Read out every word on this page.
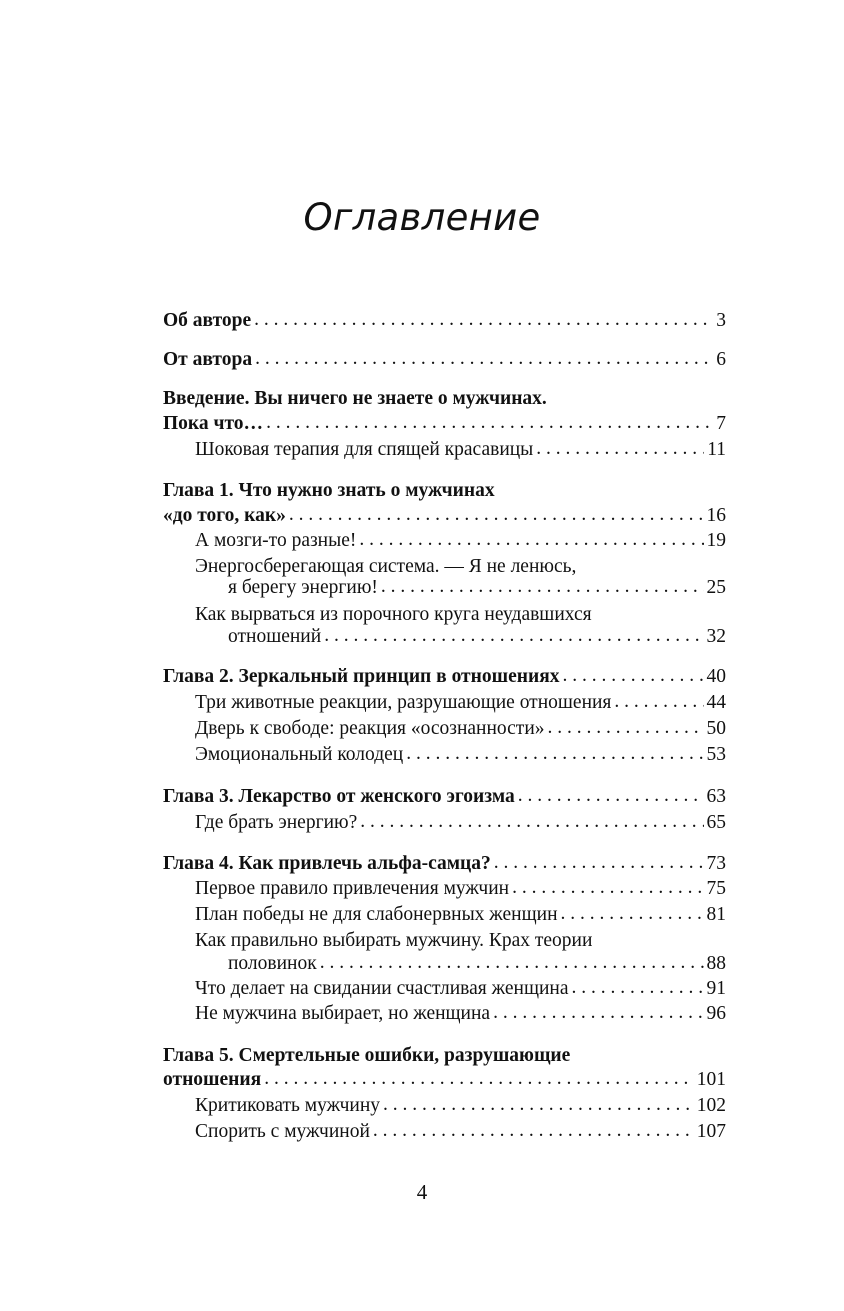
Оглавление
Об авторе . . .	3
От автора . . .	6
Введение. Вы ничего не знаете о мужчинах.
Пока что… . . .	7
Шоковая терапия для спящей красавицы . . .	11
Глава 1. Что нужно знать о мужчинах
«до того, как» . . .	16
А мозги-то разные! . . .	19
Энергосберегающая система. — Я не ленюсь,
я берегу энергию! . . .	25
Как вырваться из порочного круга неудавшихся
отношений . . .	32
Глава 2. Зеркальный принцип в отношениях . . .	40
Три животные реакции, разрушающие отношения . . .	44
Дверь к свободе: реакция «осознанности» . . .	50
Эмоциональный колодец . . .	53
Глава 3. Лекарство от женского эгоизма . . .	63
Где брать энергию? . . .	65
Глава 4. Как привлечь альфа-самца? . . .	73
Первое правило привлечения мужчин . . .	75
План победы не для слабонервных женщин . . .	81
Как правильно выбирать мужчину. Крах теории
половинок . . .	88
Что делает на свидании счастливая женщина . . .	91
Не мужчина выбирает, но женщина . . .	96
Глава 5. Смертельные ошибки, разрушающие
отношения . . .	101
Критиковать мужчину . . .	102
Спорить с мужчиной . . .	107
4
